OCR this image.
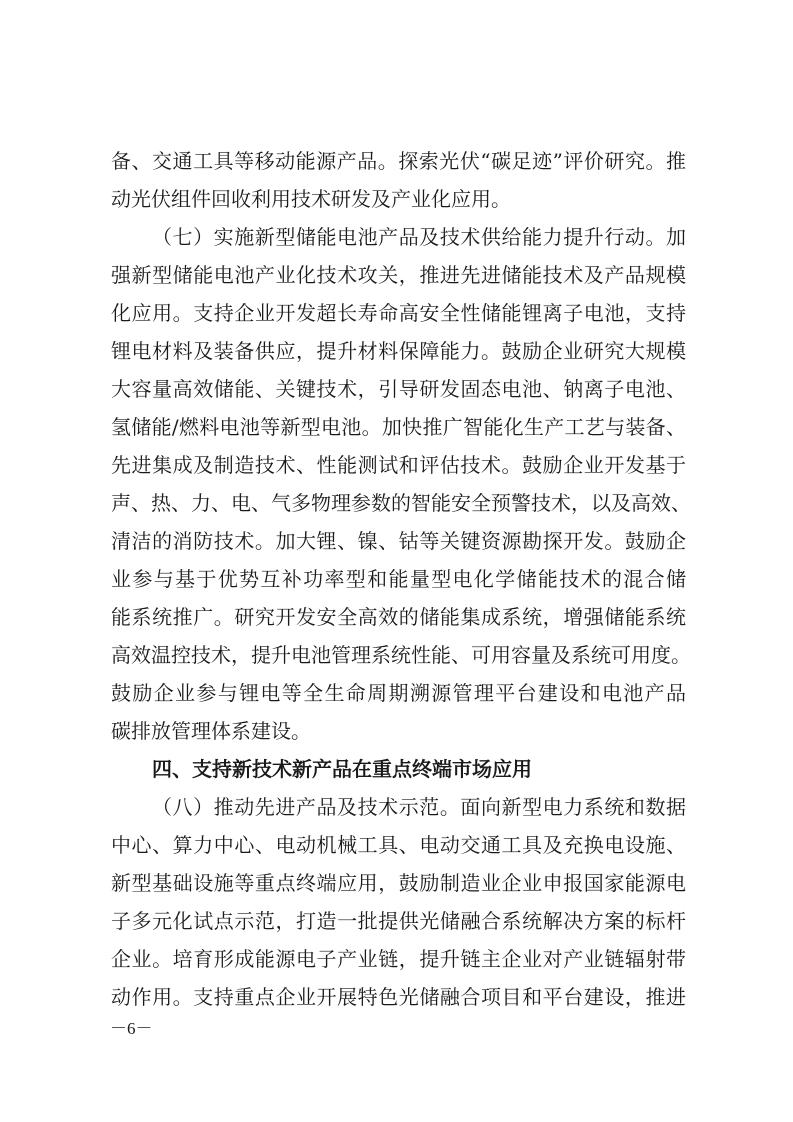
备、交通工具等移动能源产品。探索光伏“碳足迹”评价研究。推
动光伏组件回收利用技术研发及产业化应用。
（七）实施新型储能电池产品及技术供给能力提升行动。加
强新型储能电池产业化技术攻关，推进先进储能技术及产品规模
化应用。支持企业开发超长寿命高安全性储能锂离子电池，支持
锂电材料及装备供应，提升材料保障能力。鼓励企业研究大规模
大容量高效储能、关键技术，引导研发固态电池、钠离子电池、
氢储能/燃料电池等新型电池。加快推广智能化生产工艺与装备、
先进集成及制造技术、性能测试和评估技术。鼓励企业开发基于
声、热、力、电、气多物理参数的智能安全预警技术，以及高效、
清洁的消防技术。加大锂、镍、钴等关键资源勘探开发。鼓励企
业参与基于优势互补功率型和能量型电化学储能技术的混合储
能系统推广。研究开发安全高效的储能集成系统，增强储能系统
高效温控技术，提升电池管理系统性能、可用容量及系统可用度。
鼓励企业参与锂电等全生命周期溯源管理平台建设和电池产品
碳排放管理体系建设。
四、支持新技术新产品在重点终端市场应用
（八）推动先进产品及技术示范。面向新型电力系统和数据
中心、算力中心、电动机械工具、电动交通工具及充换电设施、
新型基础设施等重点终端应用，鼓励制造业企业申报国家能源电
子多元化试点示范，打造一批提供光储融合系统解决方案的标杆
企业。培育形成能源电子产业链，提升链主企业对产业链辐射带
动作用。支持重点企业开展特色光储融合项目和平台建设，推进
－6－
